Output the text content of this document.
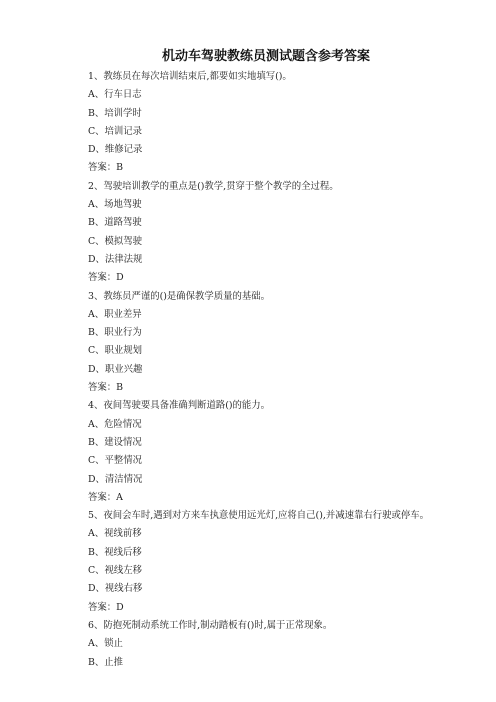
机动车驾驶教练员测试题含参考答案
1、教练员在每次培训结束后,都要如实地填写()。
A、行车日志
B、培训学时
C、培训记录
D、维修记录
答案：B
2、驾驶培训教学的重点是()教学,贯穿于整个教学的全过程。
A、场地驾驶
B、道路驾驶
C、模拟驾驶
D、法律法规
答案：D
3、教练员严谨的()是确保教学质量的基础。
A、职业差异
B、职业行为
C、职业规划
D、职业兴趣
答案：B
4、夜间驾驶要具备准确判断道路()的能力。
A、危险情况
B、建设情况
C、平整情况
D、清洁情况
答案：A
5、夜间会车时,遇到对方来车执意使用远光灯,应将自己(),并减速靠右行驶或停车。
A、视线前移
B、视线后移
C、视线左移
D、视线右移
答案：D
6、防抱死制动系统工作时,制动踏板有()时,属于正常现象。
A、锁止
B、止推
